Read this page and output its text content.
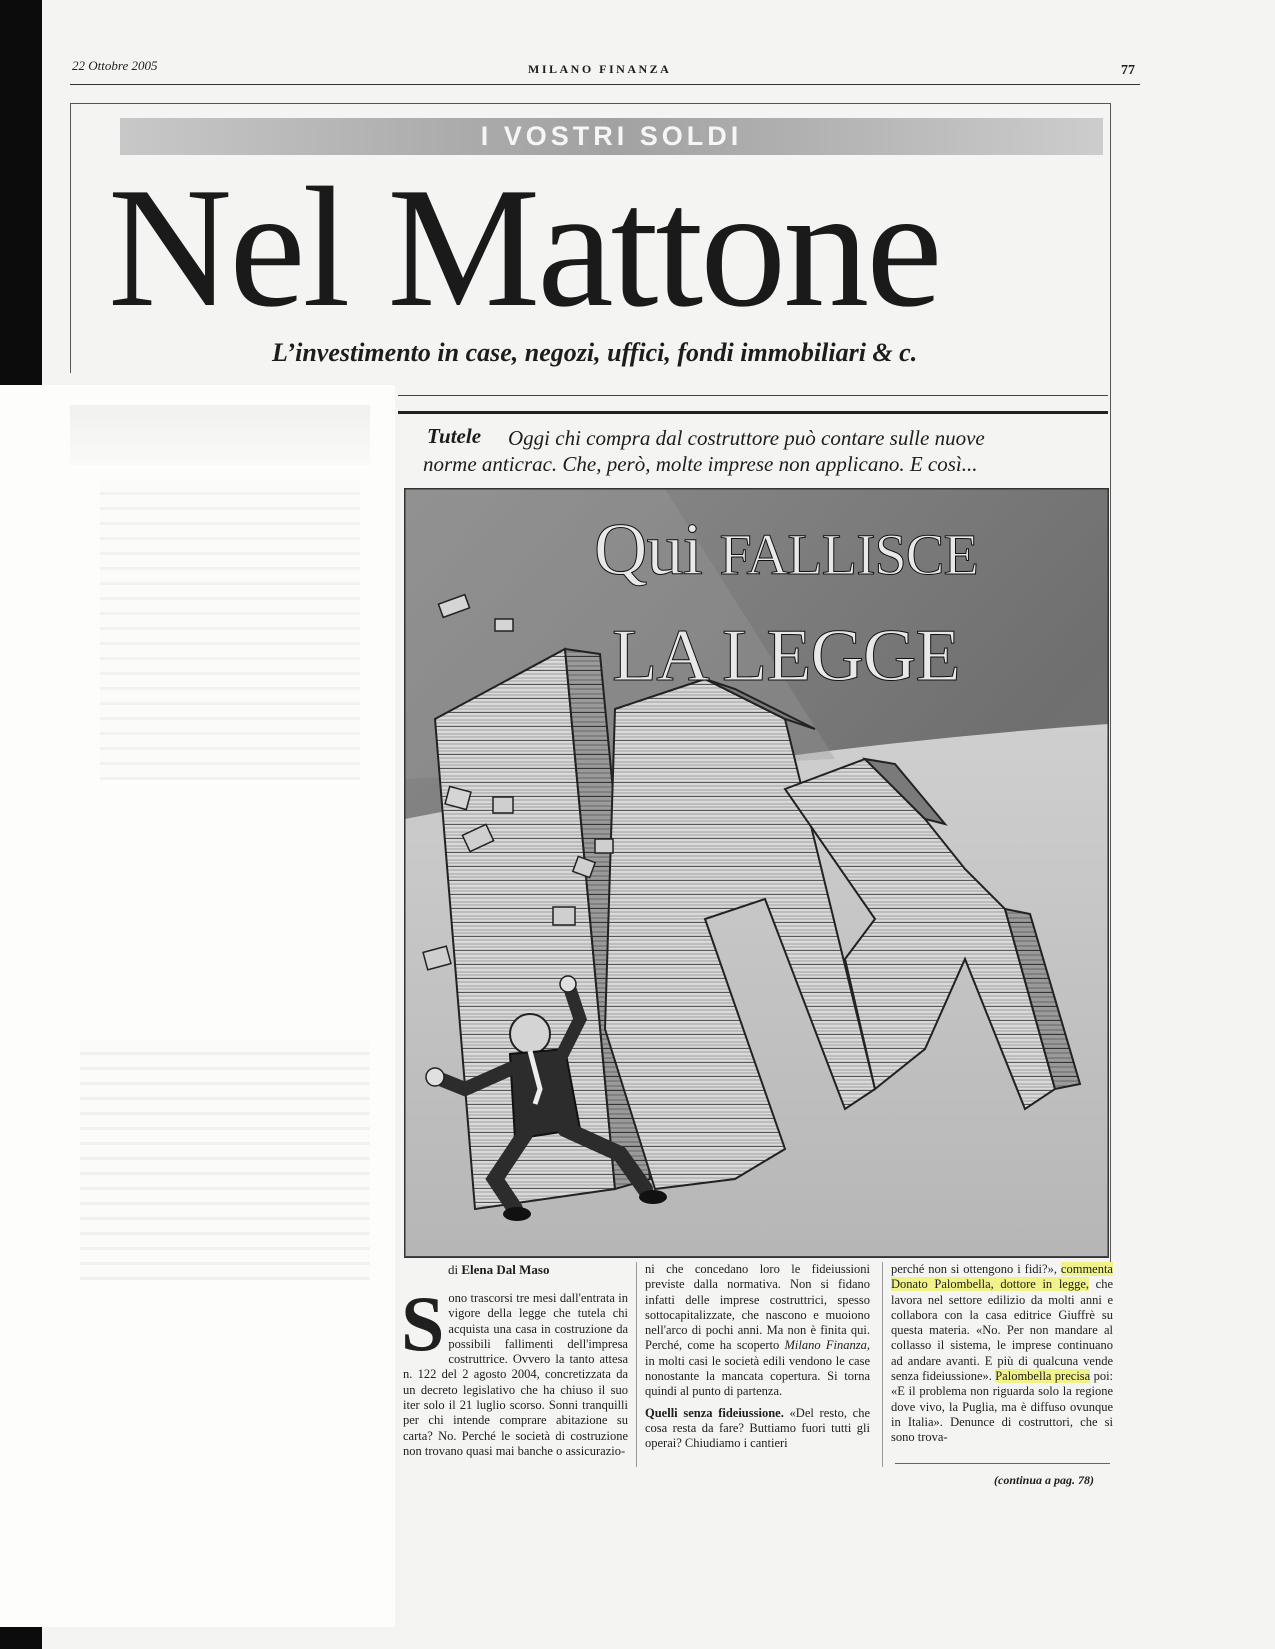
22 Ottobre 2005	MILANO FINANZA	77
I VOSTRI SOLDI
Nel Mattone
L’investimento in case, negozi, uffici, fondi immobiliari & c.
Tutele Oggi chi compra dal costruttore può contare sulle nuove
norme anticrac. Che, però, molte imprese non applicano. E così...
Qui FALLISCE
LA LEGGE
di Elena Dal Maso
Sono trascorsi tre mesi dall'entrata in vigore della legge che tutela chi acquista una casa in costruzione da possibili fallimenti dell'impresa costruttrice. Ovvero la tanto attesa n. 122 del 2 agosto 2004, concretizzata da un decreto legislativo che ha chiuso il suo iter solo il 21 luglio scorso. Sonni tranquilli per chi intende comprare abitazione su carta? No. Perché le società di costruzione non trovano quasi mai banche o assicurazio-
ni che concedano loro le fideiussioni previste dalla normativa. Non si fidano infatti delle imprese costruttrici, spesso sottocapitalizzate, che nascono e muoiono nell'arco di pochi anni. Ma non è finita qui. Perché, come ha scoperto Milano Finanza, in molti casi le società edili vendono le case nonostante la mancata copertura. Si torna quindi al punto di partenza.
Quelli senza fideiussione. «Del resto, che cosa resta da fare? Buttiamo fuori tutti gli operai? Chiudiamo i cantieri
perché non si ottengono i fidi?», commenta Donato Palombella, dottore in legge, che lavora nel settore edilizio da molti anni e collabora con la casa editrice Giuffrè su questa materia. «No. Per non mandare al collasso il sistema, le imprese continuano ad andare avanti. E più di qualcuna vende senza fideiussione». Palombella precisa poi: «E il problema non riguarda solo la regione dove vivo, la Puglia, ma è diffuso ovunque in Italia». Denunce di costruttori, che si sono trova-
(continua a pag. 78)
